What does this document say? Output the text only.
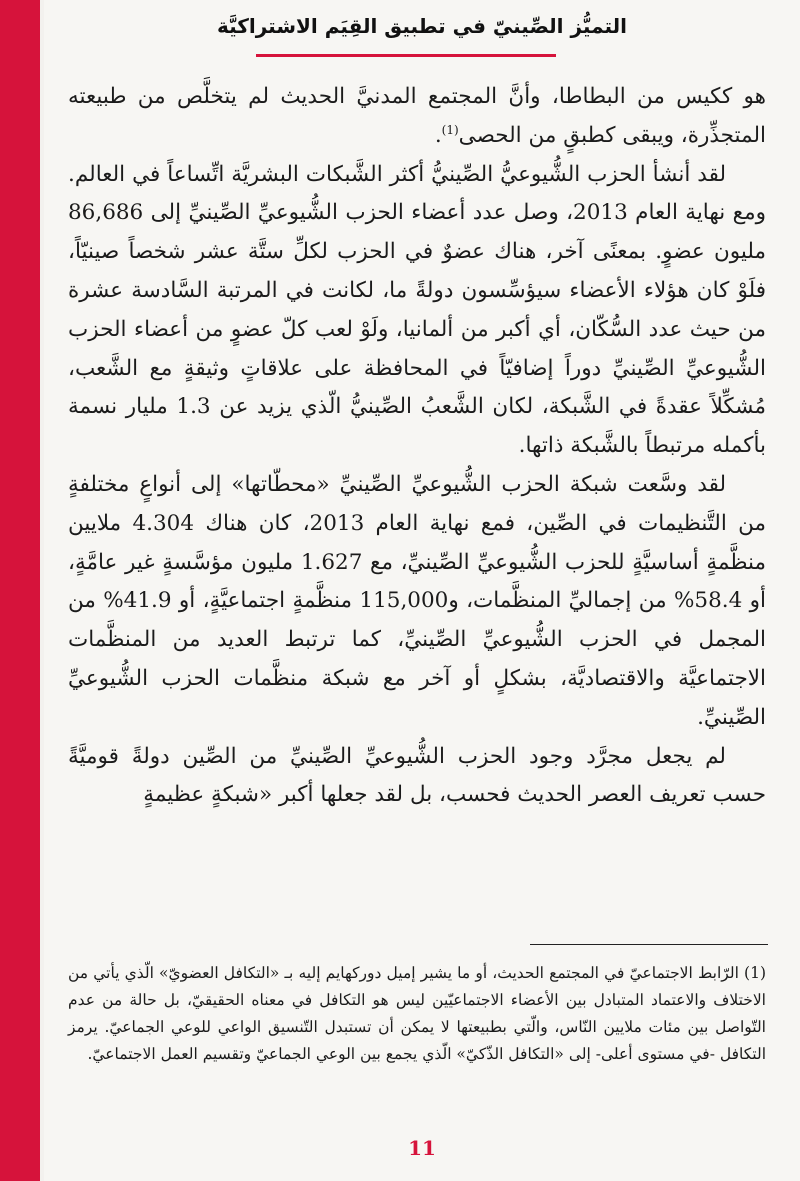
التميُّز الصِّينيّ في تطبيق القِيَم الاشتراكيَّة

هو ككيس من البطاطا، وأنَّ المجتمع المدنيَّ الحديث لم يتخلَّص من طبيعته المتجذِّرة، ويبقى كطبقٍ من الحصى$^{(1)}$.

لقد أنشأ الحزب الشُّيوعيُّ الصِّينيُّ أكثر الشَّبكات البشريَّة اتِّساعاً في العالم. ومع نهاية العام 2013، وصل عدد أعضاء الحزب الشُّيوعيِّ الصِّينيِّ إلى 86,686 مليون عضوٍ. بمعنًى آخر، هناك عضوٌ في الحزب لكلِّ ستَّة عشر شخصاً صينيّاً، فلَوْ كان هؤلاء الأعضاء سيؤسِّسون دولةً ما، لكانت في المرتبة السَّادسة عشرة من حيث عدد السُّكّان، أي أكبر من ألمانيا، ولَوْ لعب كلّ عضوٍ من أعضاء الحزب الشُّيوعيِّ الصِّينيِّ دوراً إضافيّاً في المحافظة على علاقاتٍ وثيقةٍ مع الشَّعب، مُشكِّلاً عقدةً في الشَّبكة، لكان الشَّعبُ الصِّينيُّ الّذي يزيد عن 1.3 مليار نسمة بأكمله مرتبطاً بالشَّبكة ذاتها.

لقد وسَّعت شبكة الحزب الشُّيوعيِّ الصِّينيِّ «محطّاتها» إلى أنواعٍ مختلفةٍ من التَّنظيمات في الصِّين، فمع نهاية العام 2013، كان هناك 4.304 ملايين منظَّمةٍ أساسيَّةٍ للحزب الشُّيوعيِّ الصِّينيِّ، مع 1.627 مليون مؤسَّسةٍ غير عامَّةٍ، أو 58.4% من إجماليِّ المنظَّمات، و115,000 منظَّمةٍ اجتماعيَّةٍ، أو 41.9% من المجمل في الحزب الشُّيوعيِّ الصِّينيِّ، كما ترتبط العديد من المنظَّمات الاجتماعيَّة والاقتصاديَّة، بشكلٍ أو آخر مع شبكة منظَّمات الحزب الشُّيوعيِّ الصِّينيِّ.

لم يجعل مجرَّد وجود الحزب الشُّيوعيِّ الصِّينيِّ من الصِّين دولةً قوميَّةً حسب تعريف العصر الحديث فحسب، بل لقد جعلها أكبر «شبكةٍ عظيمةٍ

(1) الرّابط الاجتماعيّ في المجتمع الحديث، أو ما يشير إميل دوركهايم إليه بـ «التكافل العضويّ» الّذي يأتي من الاختلاف والاعتماد المتبادل بين الأعضاء الاجتماعيّين ليس هو التكافل في معناه الحقيقيّ، بل حالة من عدم التّواصل بين مئات ملايين النّاس، والّتي بطبيعتها لا يمكن أن تستبدل التّنسيق الواعي للوعي الجماعيّ. يرمز التكافل -في مستوى أعلى- إلى «التكافل الذّكيّ» الّذي يجمع بين الوعي الجماعيّ وتقسيم العمل الاجتماعيّ.

11
